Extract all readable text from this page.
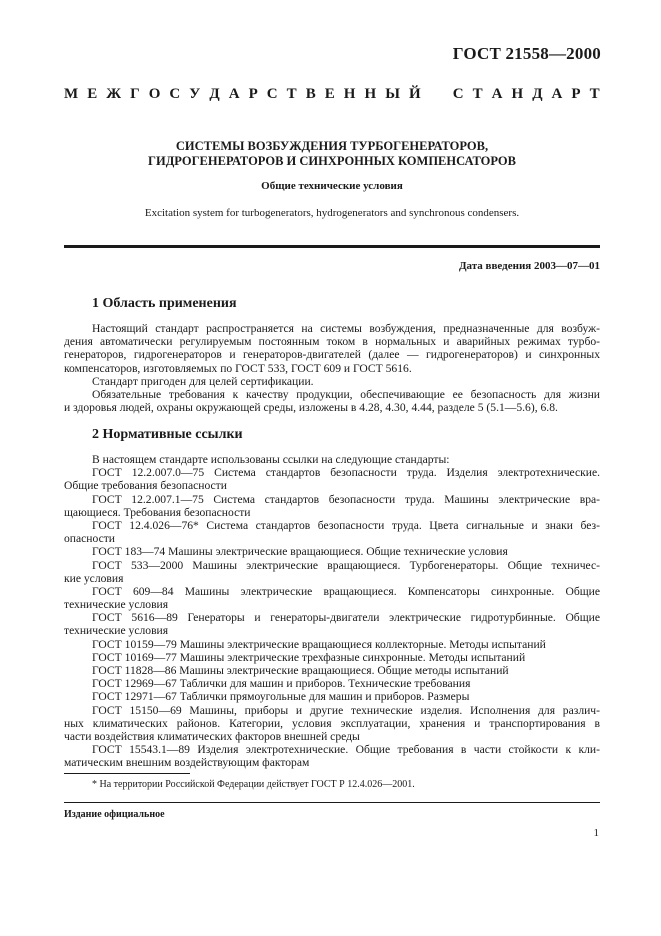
ГОСТ 21558—2000
М Е Ж Г О С У Д А Р С Т В Е Н Н Ы Й С Т А Н Д А Р Т
СИСТЕМЫ ВОЗБУЖДЕНИЯ ТУРБОГЕНЕРАТОРОВ,
ГИДРОГЕНЕРАТОРОВ И СИНХРОННЫХ КОМПЕНСАТОРОВ
Общие технические условия
Excitation system for turbogenerators, hydrogenerators and synchronous condensers.
Дата введения 2003—07—01
1 Область применения
Настоящий стандарт распространяется на системы возбуждения, предназначенные для возбуж-
дения автоматически регулируемым постоянным током в нормальных и аварийных режимах турбо-
генераторов, гидрогенераторов и генераторов-двигателей (далее — гидрогенераторов) и синхронных
компенсаторов, изготовляемых по ГОСТ 533, ГОСТ 609 и ГОСТ 5616.
Стандарт пригоден для целей сертификации.
Обязательные требования к качеству продукции, обеспечивающие ее безопасность для жизни
и здоровья людей, охраны окружающей среды, изложены в 4.28, 4.30, 4.44, разделе 5 (5.1—5.6), 6.8.
2 Нормативные ссылки
В настоящем стандарте использованы ссылки на следующие стандарты:
ГОСТ 12.2.007.0—75 Система стандартов безопасности труда. Изделия электротехнические.
Общие требования безопасности
ГОСТ 12.2.007.1—75 Система стандартов безопасности труда. Машины электрические вра-
щающиеся. Требования безопасности
ГОСТ 12.4.026—76* Система стандартов безопасности труда. Цвета сигнальные и знаки без-
опасности
ГОСТ 183—74 Машины электрические вращающиеся. Общие технические условия
ГОСТ 533—2000 Машины электрические вращающиеся. Турбогенераторы. Общие техничес-
кие условия
ГОСТ 609—84 Машины электрические вращающиеся. Компенсаторы синхронные. Общие
технические условия
ГОСТ 5616—89 Генераторы и генераторы-двигатели электрические гидротурбинные. Общие
технические условия
ГОСТ 10159—79 Машины электрические вращающиеся коллекторные. Методы испытаний
ГОСТ 10169—77 Машины электрические трехфазные синхронные. Методы испытаний
ГОСТ 11828—86 Машины электрические вращающиеся. Общие методы испытаний
ГОСТ 12969—67 Таблички для машин и приборов. Технические требования
ГОСТ 12971—67 Таблички прямоугольные для машин и приборов. Размеры
ГОСТ 15150—69 Машины, приборы и другие технические изделия. Исполнения для различ-
ных климатических районов. Категории, условия эксплуатации, хранения и транспортирования в
части воздействия климатических факторов внешней среды
ГОСТ 15543.1—89 Изделия электротехнические. Общие требования в части стойкости к кли-
матическим внешним воздействующим факторам
* На территории Российской Федерации действует ГОСТ Р 12.4.026—2001.
Издание официальное
1
